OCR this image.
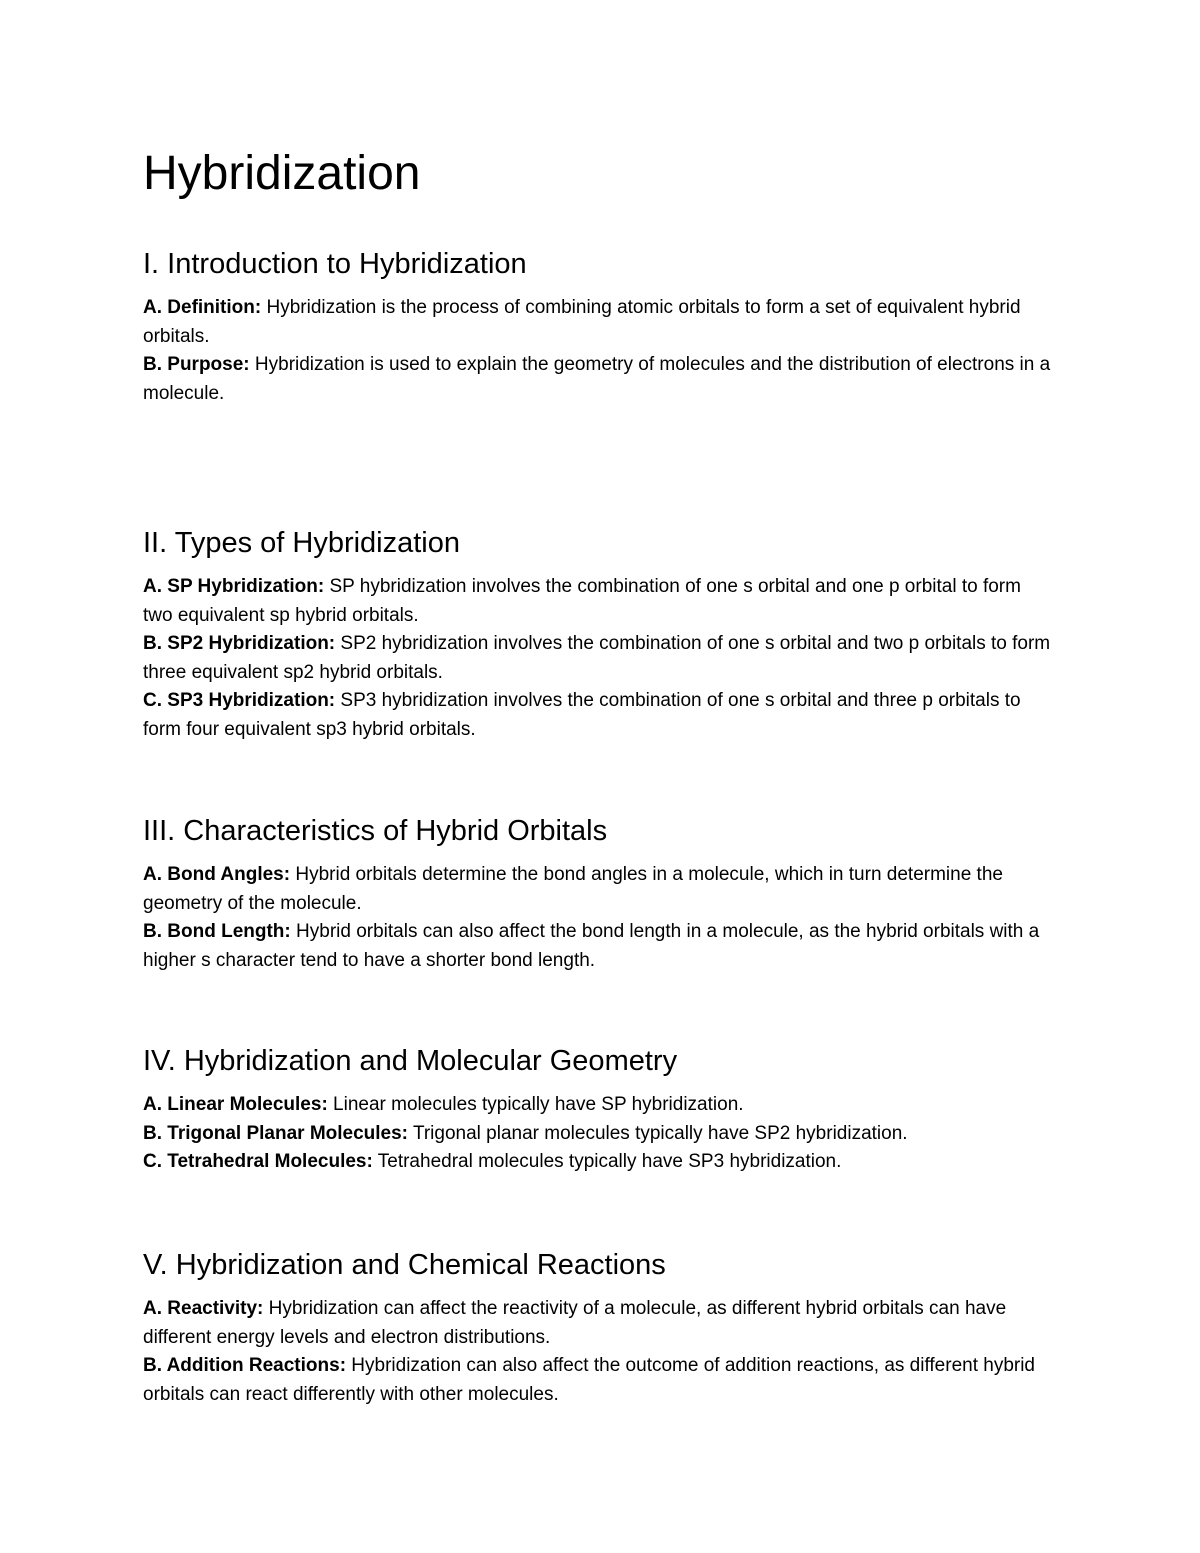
Hybridization
I. Introduction to Hybridization

A. Definition: Hybridization is the process of combining atomic orbitals to form a set of equivalent hybrid orbitals.

B. Purpose: Hybridization is used to explain the geometry of molecules and the distribution of electrons in a molecule.

II. Types of Hybridization

A. SP Hybridization: SP hybridization involves the combination of one s orbital and one p orbital to form two equivalent sp hybrid orbitals.

B. SP2 Hybridization: SP2 hybridization involves the combination of one s orbital and two p orbitals to form three equivalent sp2 hybrid orbitals.

C. SP3 Hybridization: SP3 hybridization involves the combination of one s orbital and three p orbitals to form four equivalent sp3 hybrid orbitals.

III. Characteristics of Hybrid Orbitals

A. Bond Angles: Hybrid orbitals determine the bond angles in a molecule, which in turn determine the geometry of the molecule.

B. Bond Length: Hybrid orbitals can also affect the bond length in a molecule, as the hybrid orbitals with a higher s character tend to have a shorter bond length.

IV. Hybridization and Molecular Geometry

A. Linear Molecules: Linear molecules typically have SP hybridization.

B. Trigonal Planar Molecules: Trigonal planar molecules typically have SP2 hybridization.

C. Tetrahedral Molecules: Tetrahedral molecules typically have SP3 hybridization.

V. Hybridization and Chemical Reactions

A. Reactivity: Hybridization can affect the reactivity of a molecule, as different hybrid orbitals can have different energy levels and electron distributions.

B. Addition Reactions: Hybridization can also affect the outcome of addition reactions, as different hybrid orbitals can react differently with other molecules.
